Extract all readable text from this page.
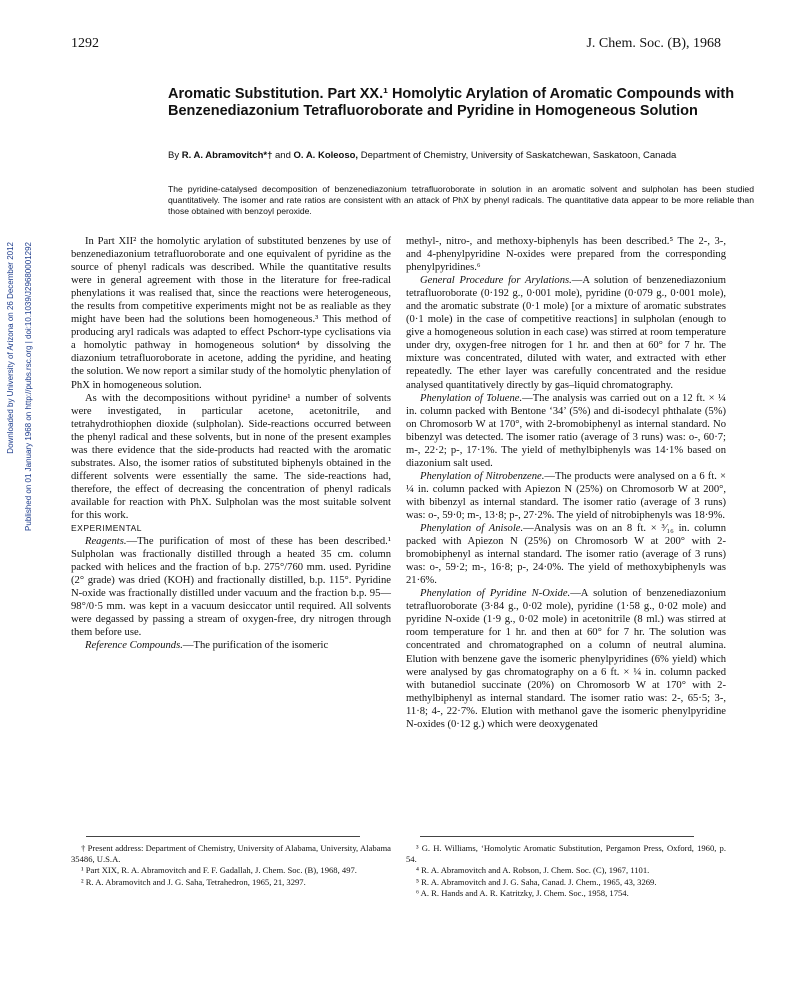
1292	J. Chem. Soc. (B), 1968
Aromatic Substitution. Part XX.¹ Homolytic Arylation of Aromatic Compounds with Benzenediazonium Tetrafluoroborate and Pyridine in Homogeneous Solution
By R. A. Abramovitch*† and O. A. Koleoso, Department of Chemistry, University of Saskatchewan, Saskatoon, Canada
The pyridine-catalysed decomposition of benzenediazonium tetrafluoroborate in solution in an aromatic solvent and sulpholan has been studied quantitatively. The isomer and rate ratios are consistent with an attack of PhX by phenyl radicals. The quantitative data appear to be more reliable than those obtained with benzoyl peroxide.
Published on 01 January 1968 on http://pubs.rsc.org | doi:10.1039/J29680001292
Downloaded by University of Arizona on 26 December 2012

In Part XII² the homolytic arylation of substituted benzenes by use of benzenediazonium tetrafluoroborate and one equivalent of pyridine as the source of phenyl radicals was described. While the quantitative results were in general agreement with those in the literature for free-radical phenylations it was realised that, since the reactions were heterogeneous, the results from competitive experiments might not be as realiable as they might have been had the solutions been homogeneous.³ This method of producing aryl radicals was adapted to effect Pschorr-type cyclisations via a homolytic pathway in homogeneous solution⁴ by dissolving the diazonium tetrafluoroborate in acetone, adding the pyridine, and heating the solution. We now report a similar study of the homolytic phenylation of PhX in homogeneous solution.

As with the decompositions without pyridine¹ a number of solvents were investigated, in particular acetone, acetonitrile, and tetrahydrothiophen dioxide (sulpholan). Side-reactions occurred between the phenyl radical and these solvents, but in none of the present examples was there evidence that the side-products had reacted with the aromatic substrates. Also, the isomer ratios of substituted biphenyls obtained in the different solvents were essentially the same. The side-reactions had, therefore, the effect of decreasing the concentration of phenyl radicals available for reaction with PhX. Sulpholan was the most suitable solvent for this work.

EXPERIMENTAL

Reagents.—The purification of most of these has been described.¹ Sulpholan was fractionally distilled through a heated 35 cm. column packed with helices and the fraction of b.p. 275°/760 mm. used. Pyridine (2° grade) was dried (KOH) and fractionally distilled, b.p. 115°. Pyridine N-oxide was fractionally distilled under vacuum and the fraction b.p. 95—98°/0·5 mm. was kept in a vacuum desiccator until required. All solvents were degassed by passing a stream of oxygen-free, dry nitrogen through them before use.

Reference Compounds.—The purification of the isomeric

methyl-, nitro-, and methoxy-biphenyls has been described.⁵ The 2-, 3-, and 4-phenylpyridine N-oxides were prepared from the corresponding phenylpyridines.⁶

General Procedure for Arylations.—A solution of benzenediazonium tetrafluoroborate (0·192 g., 0·001 mole), pyridine (0·079 g., 0·001 mole), and the aromatic substrate (0·1 mole) [or a mixture of aromatic substrates (0·1 mole) in the case of competitive reactions] in sulpholan (enough to give a homogeneous solution in each case) was stirred at room temperature under dry, oxygen-free nitrogen for 1 hr. and then at 60° for 7 hr. The mixture was concentrated, diluted with water, and extracted with ether repeatedly. The ether layer was carefully concentrated and the residue analysed quantitatively directly by gas–liquid chromatography.

Phenylation of Toluene.—The analysis was carried out on a 12 ft. × ¼ in. column packed with Bentone ‘34’ (5%) and di-isodecyl phthalate (5%) on Chromosorb W at 170°, with 2-bromobiphenyl as internal standard. No bibenzyl was detected. The isomer ratio (average of 3 runs) was: o-, 60·7; m-, 22·2; p-, 17·1%. The yield of methylbiphenyls was 14·1% based on diazonium salt used.

Phenylation of Nitrobenzene.—The products were analysed on a 6 ft. × ¼ in. column packed with Apiezon N (25%) on Chromosorb W at 200°, with bibenzyl as internal standard. The isomer ratio (average of 3 runs) was: o-, 59·0; m-, 13·8; p-, 27·2%. The yield of nitrobiphenyls was 18·9%.

Phenylation of Anisole.—Analysis was on an 8 ft. × ³⁄₁₆ in. column packed with Apiezon N (25%) on Chromosorb W at 200° with 2-bromobiphenyl as internal standard. The isomer ratio (average of 3 runs) was: o-, 59·2; m-, 16·8; p-, 24·0%. The yield of methoxybiphenyls was 21·6%.

Phenylation of Pyridine N-Oxide.—A solution of benzenediazonium tetrafluoroborate (3·84 g., 0·02 mole), pyridine (1·58 g., 0·02 mole) and pyridine N-oxide (1·9 g., 0·02 mole) in acetonitrile (8 ml.) was stirred at room temperature for 1 hr. and then at 60° for 7 hr. The solution was concentrated and chromatographed on a column of neutral alumina. Elution with benzene gave the isomeric phenylpyridines (6% yield) which were analysed by gas chromatography on a 6 ft. × ¼ in. column packed with butanediol succinate (20%) on Chromosorb W at 170° with 2-methylbiphenyl as internal standard. The isomer ratio was: 2-, 65·5; 3-, 11·8; 4-, 22·7%. Elution with methanol gave the isomeric phenylpyridine N-oxides (0·12 g.) which were deoxygenated

† Present address: Department of Chemistry, University of Alabama, University, Alabama 35486, U.S.A.

¹ Part XIX, R. A. Abramovitch and F. F. Gadallah, J. Chem. Soc. (B), 1968, 497.

² R. A. Abramovitch and J. G. Saha, Tetrahedron, 1965, 21, 3297.

³ G. H. Williams, ‘Homolytic Aromatic Substitution, Pergamon Press, Oxford, 1960, p. 54.

⁴ R. A. Abramovitch and A. Robson, J. Chem. Soc. (C), 1967, 1101.

⁵ R. A. Abramovitch and J. G. Saha, Canad. J. Chem., 1965, 43, 3269.

⁶ A. R. Hands and A. R. Katritzky, J. Chem. Soc., 1958, 1754.
